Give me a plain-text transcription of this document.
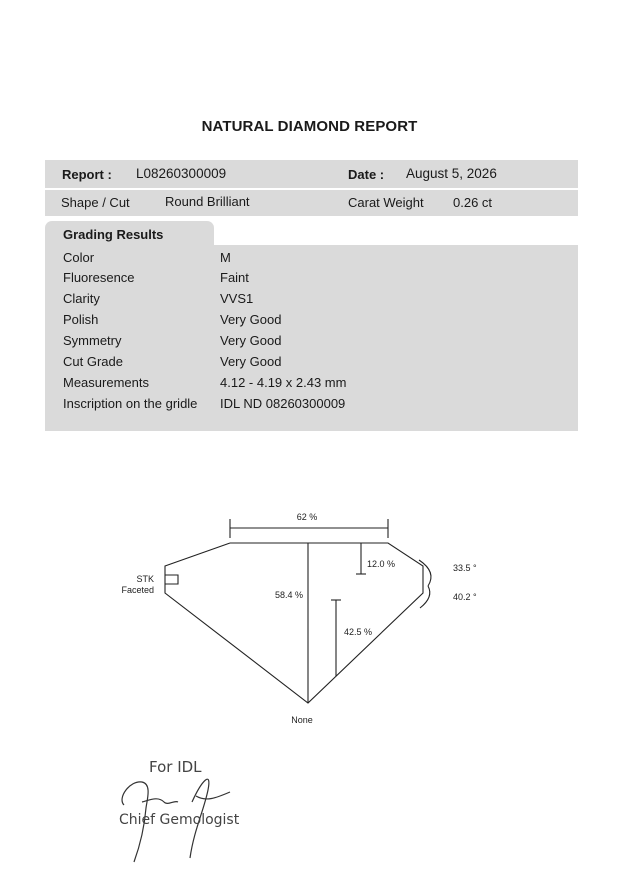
NATURAL DIAMOND REPORT
Report : L08260300009	Date : August 5, 2026
Shape / Cut	Round Brilliant	Carat Weight 0.26 ct
Grading Results
Color	M
Fluoresence	Faint
Clarity	VVS1
Polish	Very Good
Symmetry	Very Good
Cut Grade	Very Good
Measurements	4.12 - 4.19 x 2.43 mm
Inscription on the gridle	IDL ND 08260300009
62 %
12.0 %	33.5 °
40.2 °
58.4 %
42.5 %
STK
Faceted
None
For IDL
Chief Gemologist
